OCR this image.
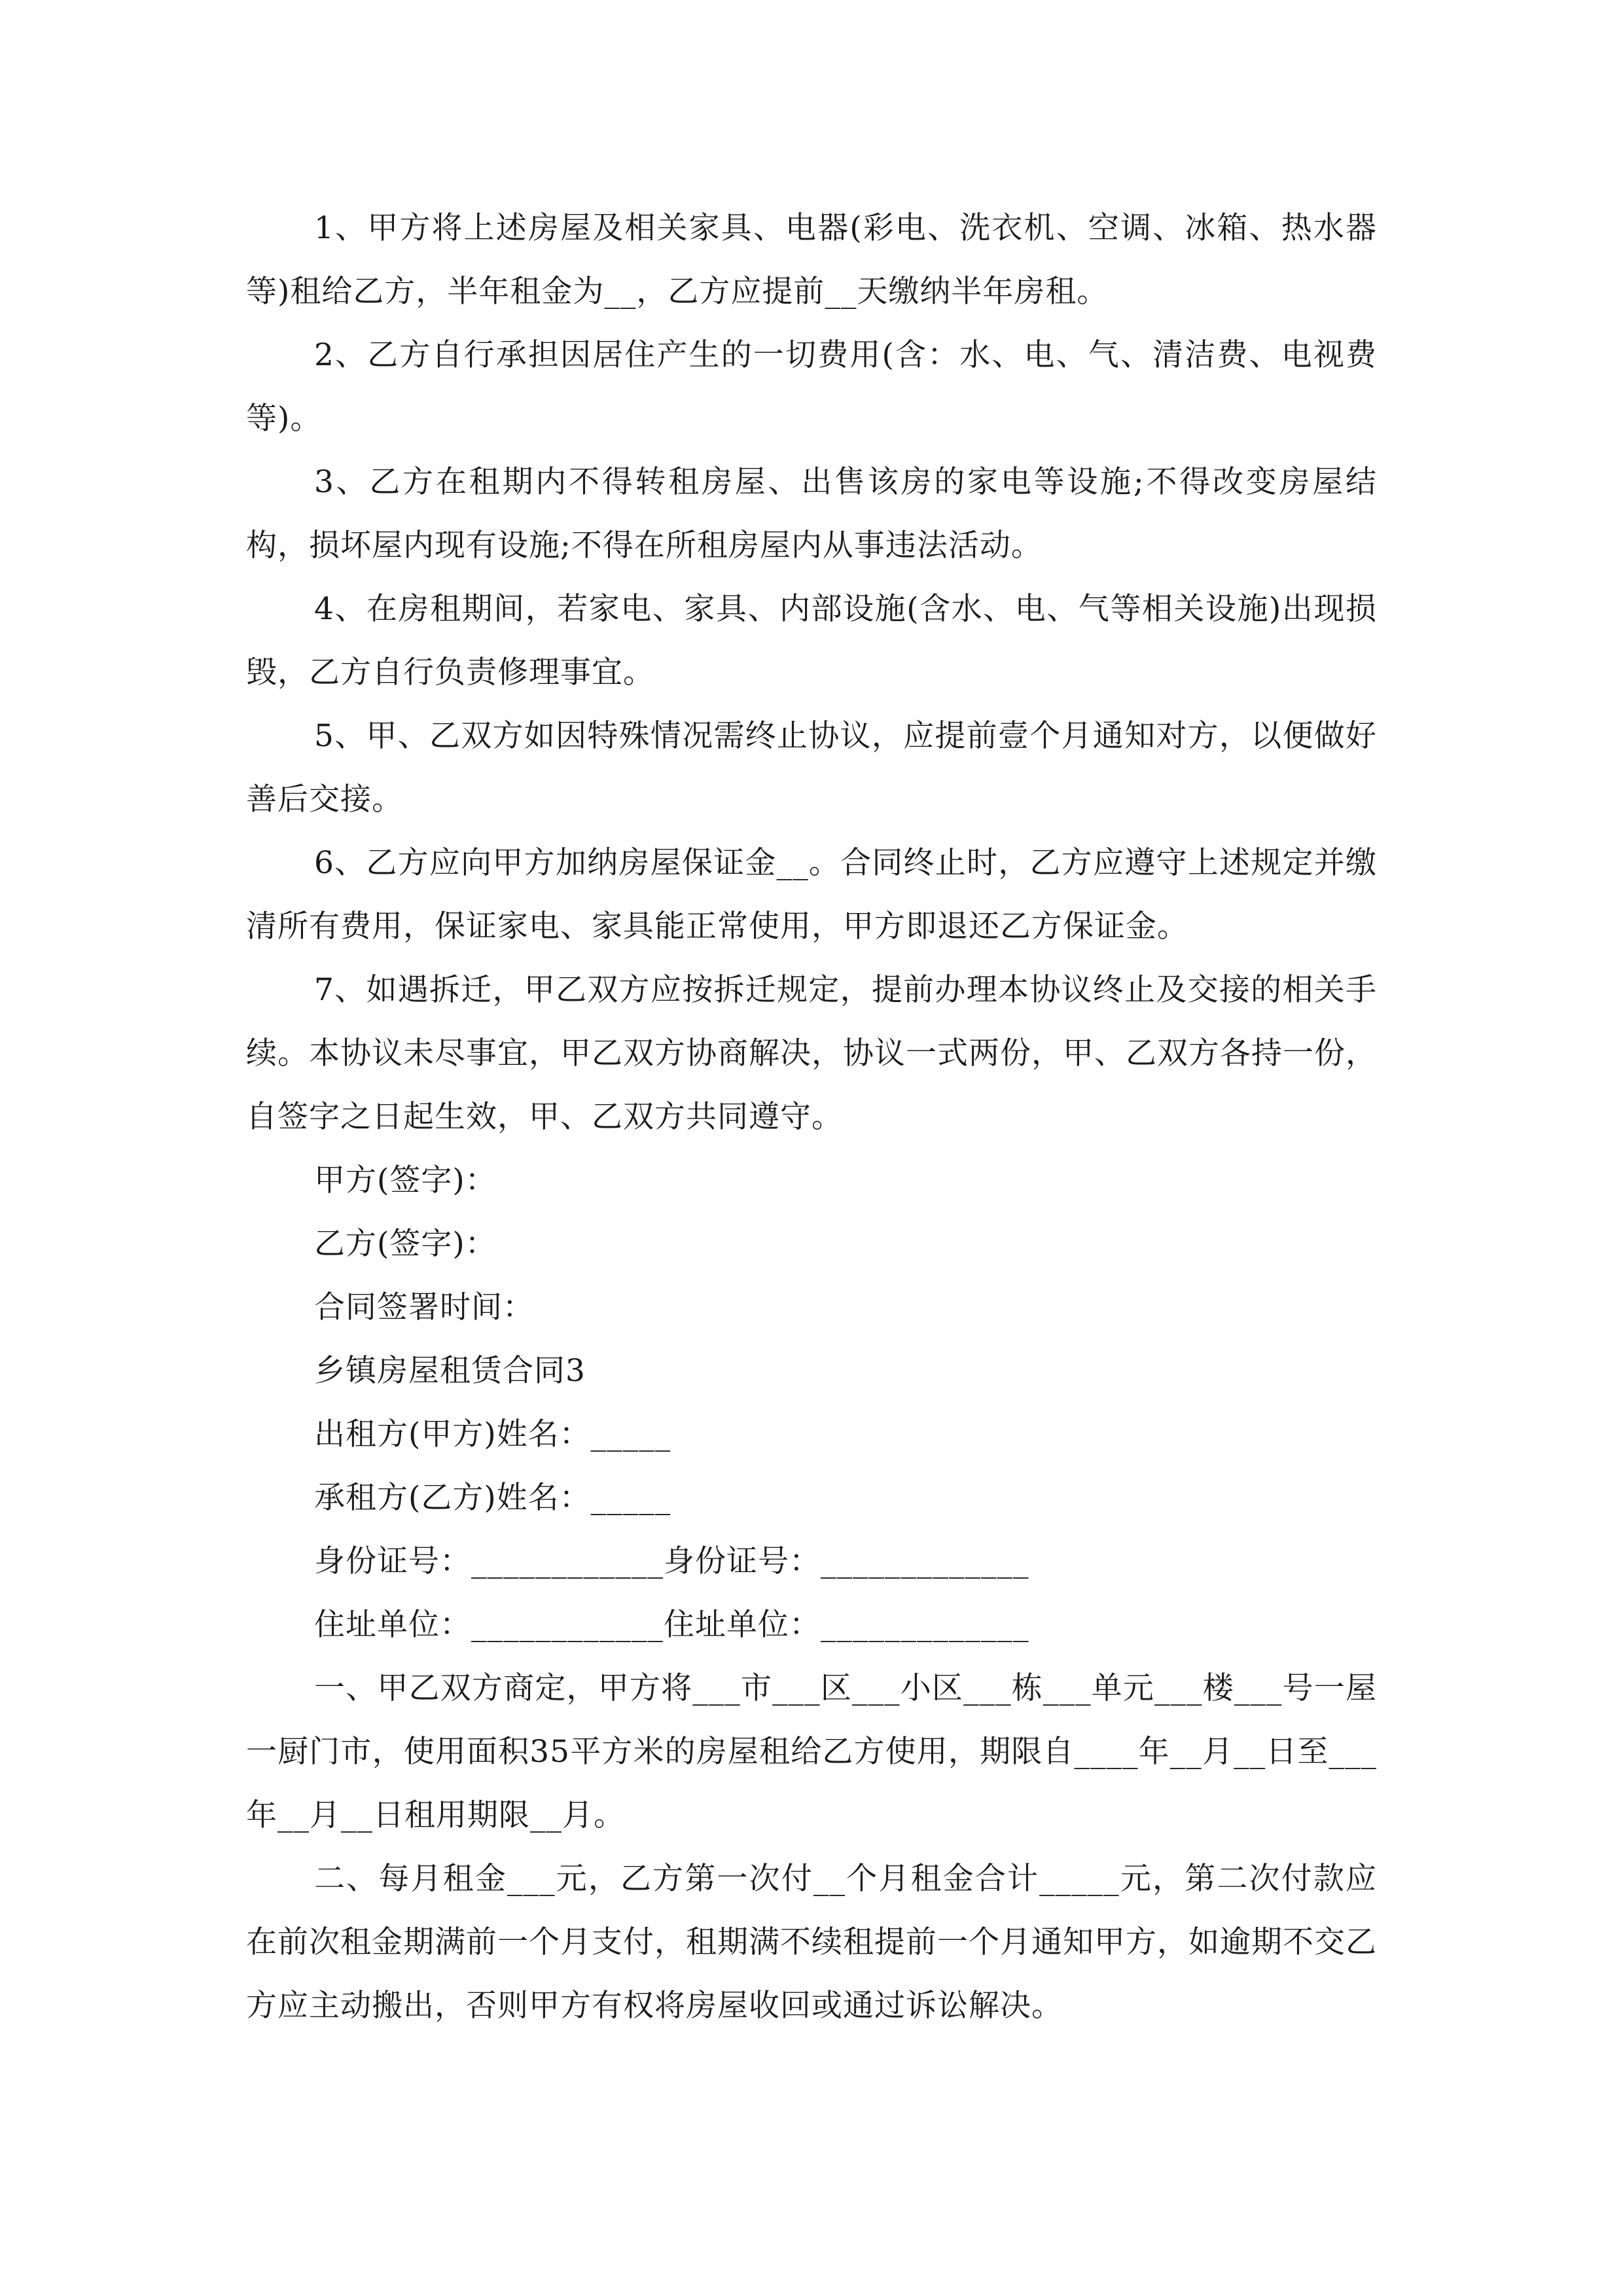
1、甲方将上述房屋及相关家具、电器(彩电、洗衣机、空调、冰箱、热水器等)租给乙方，半年租金为__，乙方应提前__天缴纳半年房租。

2、乙方自行承担因居住产生的一切费用(含：水、电、气、清洁费、电视费等)。

3、乙方在租期内不得转租房屋、出售该房的家电等设施;不得改变房屋结构，损坏屋内现有设施;不得在所租房屋内从事违法活动。

4、在房租期间，若家电、家具、内部设施(含水、电、气等相关设施)出现损毁，乙方自行负责修理事宜。

5、甲、乙双方如因特殊情况需终止协议，应提前壹个月通知对方，以便做好善后交接。

6、乙方应向甲方加纳房屋保证金__。合同终止时，乙方应遵守上述规定并缴清所有费用，保证家电、家具能正常使用，甲方即退还乙方保证金。

7、如遇拆迁，甲乙双方应按拆迁规定，提前办理本协议终止及交接的相关手续。本协议未尽事宜，甲乙双方协商解决，协议一式两份，甲、乙双方各持一份，自签字之日起生效，甲、乙双方共同遵守。

甲方(签字)：

乙方(签字)：

合同签署时间：

乡镇房屋租赁合同3

出租方(甲方)姓名：_____

承租方(乙方)姓名：_____

身份证号：____________身份证号：_____________

住址单位：____________住址单位：_____________

一、甲乙双方商定，甲方将___市___区___小区___栋___单元___楼___号一屋一厨门市，使用面积35平方米的房屋租给乙方使用，期限自____年__月__日至___年__月__日租用期限__月。

二、每月租金___元，乙方第一次付__个月租金合计_____元，第二次付款应在前次租金期满前一个月支付，租期满不续租提前一个月通知甲方，如逾期不交乙方应主动搬出，否则甲方有权将房屋收回或通过诉讼解决。
